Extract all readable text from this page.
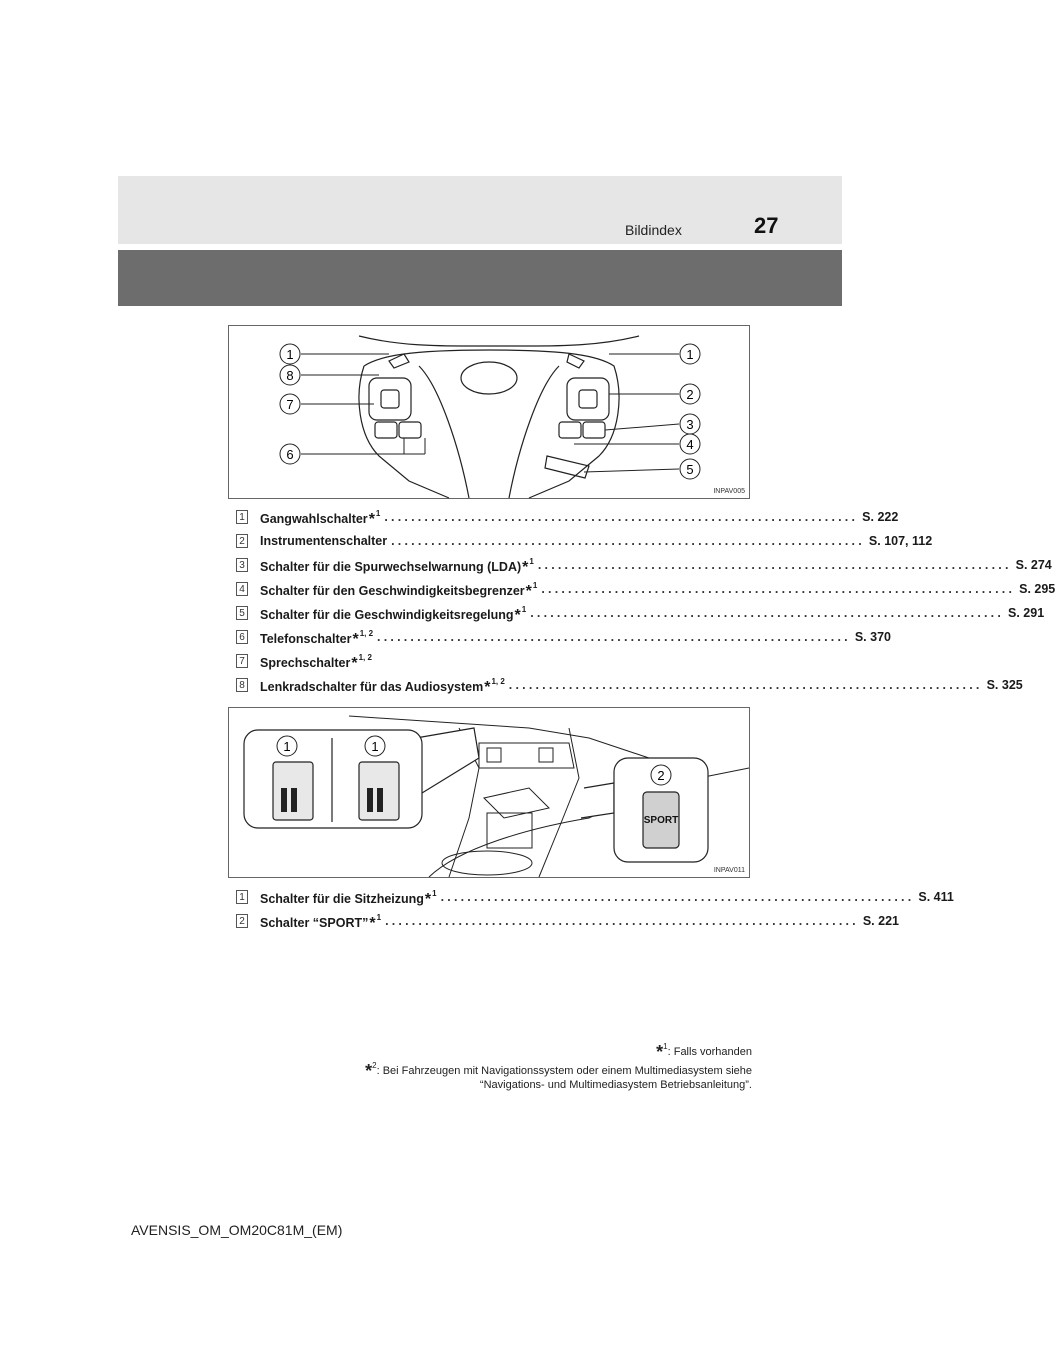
Bildindex	27
1
8
7
6
1
2
3
4
5
INPAV005
1 Gangwahlschalter*$^1$ ....................................................................... S. 222
2 Instrumentenschalter ....................................................................... S. 107, 112
3 Schalter für die Spurwechselwarnung (LDA)*$^1$ ....................................................................... S. 274
4 Schalter für den Geschwindigkeitsbegrenzer*$^1$ ....................................................................... S. 295
5 Schalter für die Geschwindigkeitsregelung*$^1$ ....................................................................... S. 291
6 Telefonschalter*$^{1, 2}$ ....................................................................... S. 370
7 Sprechschalter*$^{1, 2}$
8 Lenkradschalter für das Audiosystem*$^{1, 2}$ ....................................................................... S. 325
1	1
2
SPORT
INPAV011
1 Schalter für die Sitzheizung*$^1$ ....................................................................... S. 411
2 Schalter “SPORT”*$^1$ ....................................................................... S. 221
*$^1$: Falls vorhanden
*$^2$: Bei Fahrzeugen mit Navigationssystem oder einem Multimediasystem siehe
“Navigations- und Multimediasystem Betriebsanleitung”.
AVENSIS_OM_OM20C81M_(EM)
